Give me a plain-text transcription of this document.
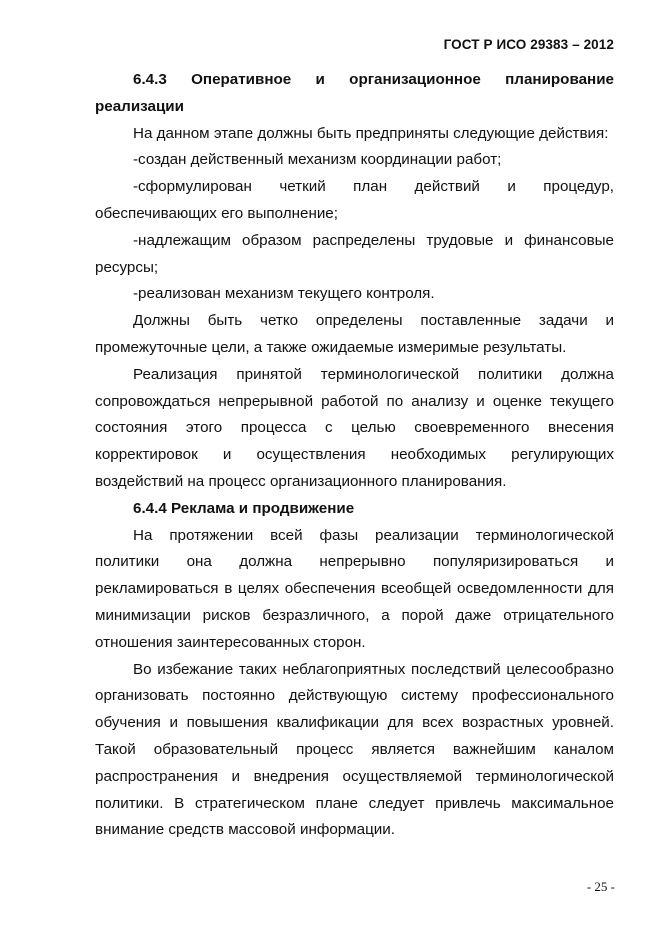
ГОСТ Р ИСО 29383 – 2012

6.4.3 Оперативное и организационное планирование реализации

На данном этапе должны быть предприняты следующие действия:

-создан действенный механизм координации работ;

-сформулирован четкий план действий и процедур, обеспечивающих его выполнение;

-надлежащим образом распределены трудовые и финансовые ресурсы;

-реализован механизм текущего контроля.

Должны быть четко определены поставленные задачи и промежуточные цели, а также ожидаемые измеримые результаты.

Реализация принятой терминологической политики должна сопровождаться непрерывной работой по анализу и оценке текущего состояния этого процесса с целью своевременного внесения корректировок и осуществления необходимых регулирующих воздействий на процесс организационного планирования.

6.4.4 Реклама и продвижение

На протяжении всей фазы реализации терминологической политики она должна непрерывно популяризироваться и рекламироваться в целях обеспечения всеобщей осведомленности для минимизации рисков безразличного, а порой даже отрицательного отношения заинтересованных сторон.

Во избежание таких неблагоприятных последствий целесообразно организовать постоянно действующую систему профессионального обучения и повышения квалификации для всех возрастных уровней. Такой образовательный процесс является важнейшим каналом распространения и внедрения осуществляемой терминологической политики. В стратегическом плане следует привлечь максимальное внимание средств массовой информации.

- 25 -
